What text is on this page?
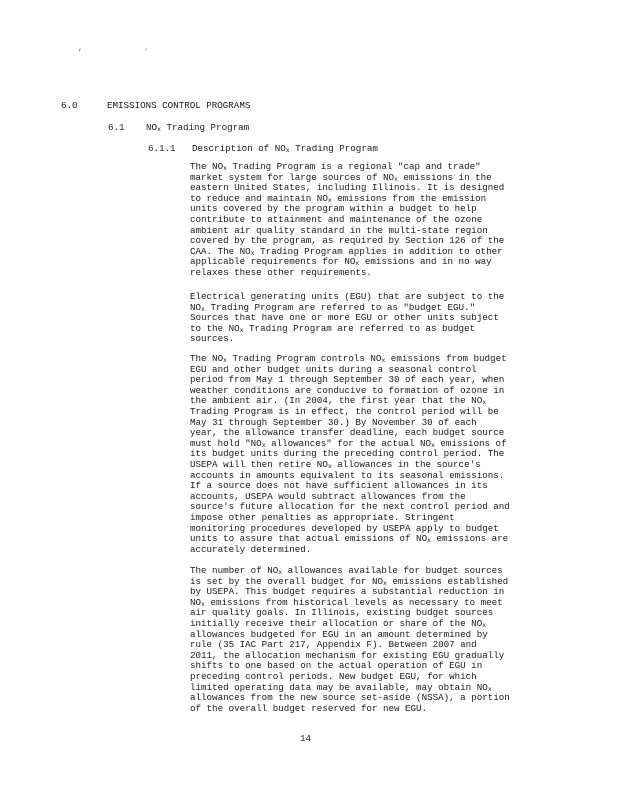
, .
6.0	EMISSIONS CONTROL PROGRAMS
6.1 $NO_x$ Trading Program
6.1.1 Description of $NO_x$ Trading Program
The $NO_x$ Trading Program is a regional "cap and trade"
market system for large sources of $NO_x$ emissions in the
eastern United States, including Illinois. It is designed
to reduce and maintain $NO_x$ emissions from the emission
units covered by the program within a budget to help
contribute to attainment and maintenance of the ozone
ambient air quality standard in the multi-state region
covered by the program, as required by Section 126 of the
CAA. The $NO_x$ Trading Program applies in addition to other
applicable requirements for $NO_x$ emissions and in no way
relaxes these other requirements.
Electrical generating units (EGU) that are subject to the
$NO_x$ Trading Program are referred to as "budget EGU."
Sources that have one or more EGU or other units subject
to the $NO_x$ Trading Program are referred to as budget
sources.
The $NO_x$ Trading Program controls $NO_x$ emissions from budget
EGU and other budget units during a seasonal control
period from May 1 through September 30 of each year, when
weather conditions are conducive to formation of ozone in
the ambient air. (In 2004, the first year that the $NO_x$
Trading Program is in effect, the control period will be
May 31 through September 30.) By November 30 of each
year, the allowance transfer deadline, each budget source
must hold "$NO_x$ allowances" for the actual $NO_x$ emissions of
its budget units during the preceding control period. The
USEPA will then retire $NO_x$ allowances in the source's
accounts in amounts equivalent to its seasonal emissions.
If a source does not have sufficient allowances in its
accounts, USEPA would subtract allowances from the
source's future allocation for the next control period and
impose other penalties as appropriate. Stringent
monitoring procedures developed by USEPA apply to budget
units to assure that actual emissions of $NO_x$ emissions are
accurately determined.
The number of $NO_x$ allowances available for budget sources
is set by the overall budget for $NO_x$ emissions established
by USEPA. This budget requires a substantial reduction in
$NO_x$ emissions from historical levels as necessary to meet
air quality goals. In Illinois, existing budget sources
initially receive their allocation or share of the $NO_x$
allowances budgeted for EGU in an amount determined by
rule (35 IAC Part 217, Appendix F). Between 2007 and
2011, the allocation mechanism for existing EGU gradually
shifts to one based on the actual operation of EGU in
preceding control periods. New budget EGU, for which
limited operating data may be available, may obtain $NO_x$
allowances from the new source set-aside (NSSA), a portion
of the overall budget reserved for new EGU.
14
